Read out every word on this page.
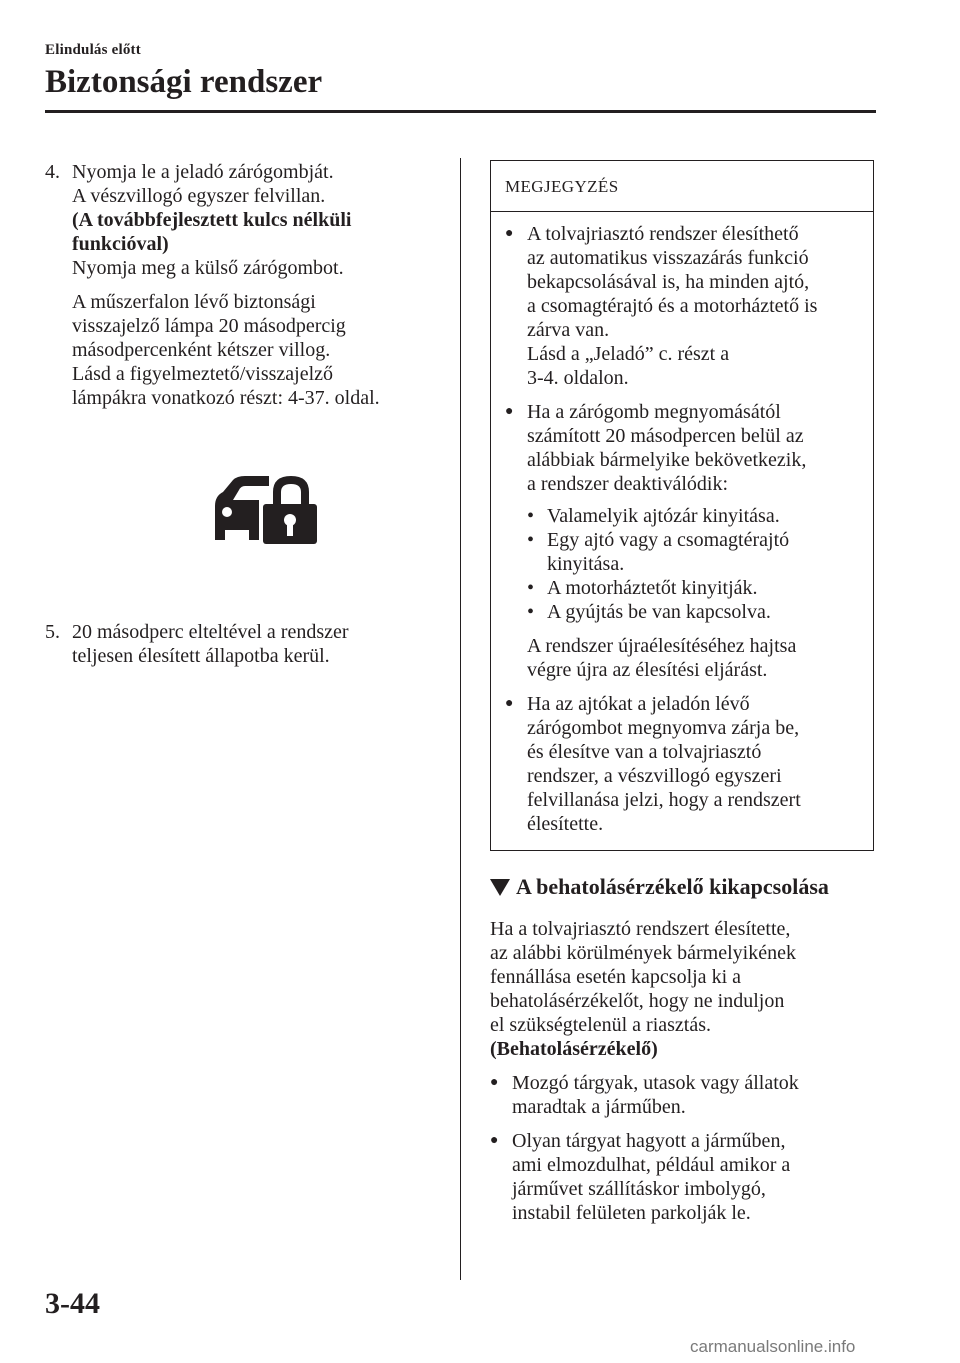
Elindulás előtt
Biztonsági rendszer
4. Nyomja le a jeladó zárógombját.

A vészvillogó egyszer felvillan.

(A továbbfejlesztett kulcs nélküli

funkcióval)

Nyomja meg a külső zárógombot.

A műszerfalon lévő biztonsági

visszajelző lámpa 20 másodpercig

másodpercenként kétszer villog.

Lásd a figyelmeztető/visszajelző

lámpákra vonatkozó részt: 4-37. oldal.

5. 20 másodperc elteltével a rendszer

teljesen élesített állapotba kerül.

MEGJEGYZÉS
● A tolvajriasztó rendszer élesíthető

az automatikus visszazárás funkció

bekapcsolásával is, ha minden ajtó,

a csomagtérajtó és a motorháztető is

zárva van.

Lásd a „Jeladó” c. részt a

3-4. oldalon.

● Ha a zárógomb megnyomásától

számított 20 másodpercen belül az

alábbiak bármelyike bekövetkezik,

a rendszer deaktiválódik:

• Valamelyik ajtózár kinyitása.
• Egy ajtó vagy a csomagtérajtó
kinyitása.
• A motorháztetőt kinyitják.
• A gyújtás be van kapcsolva.

A rendszer újraélesítéséhez hajtsa

végre újra az élesítési eljárást.

● Ha az ajtókat a jeladón lévő

zárógombot megnyomva zárja be,

és élesítve van a tolvajriasztó

rendszer, a vészvillogó egyszeri

felvillanása jelzi, hogy a rendszert

élesítette.

A behatolásérzékelő kikapcsolása

Ha a tolvajriasztó rendszert élesítette,

az alábbi körülmények bármelyikének

fennállása esetén kapcsolja ki a

behatolásérzékelőt, hogy ne induljon

el szükségtelenül a riasztás.

(Behatolásérzékelő)

● Mozgó tárgyak, utasok vagy állatok

maradtak a járműben.

● Olyan tárgyat hagyott a járműben,

ami elmozdulhat, például amikor a

járművet szállításkor imbolygó,

instabil felületen parkolják le.

3-44
carmanualsonline.info
